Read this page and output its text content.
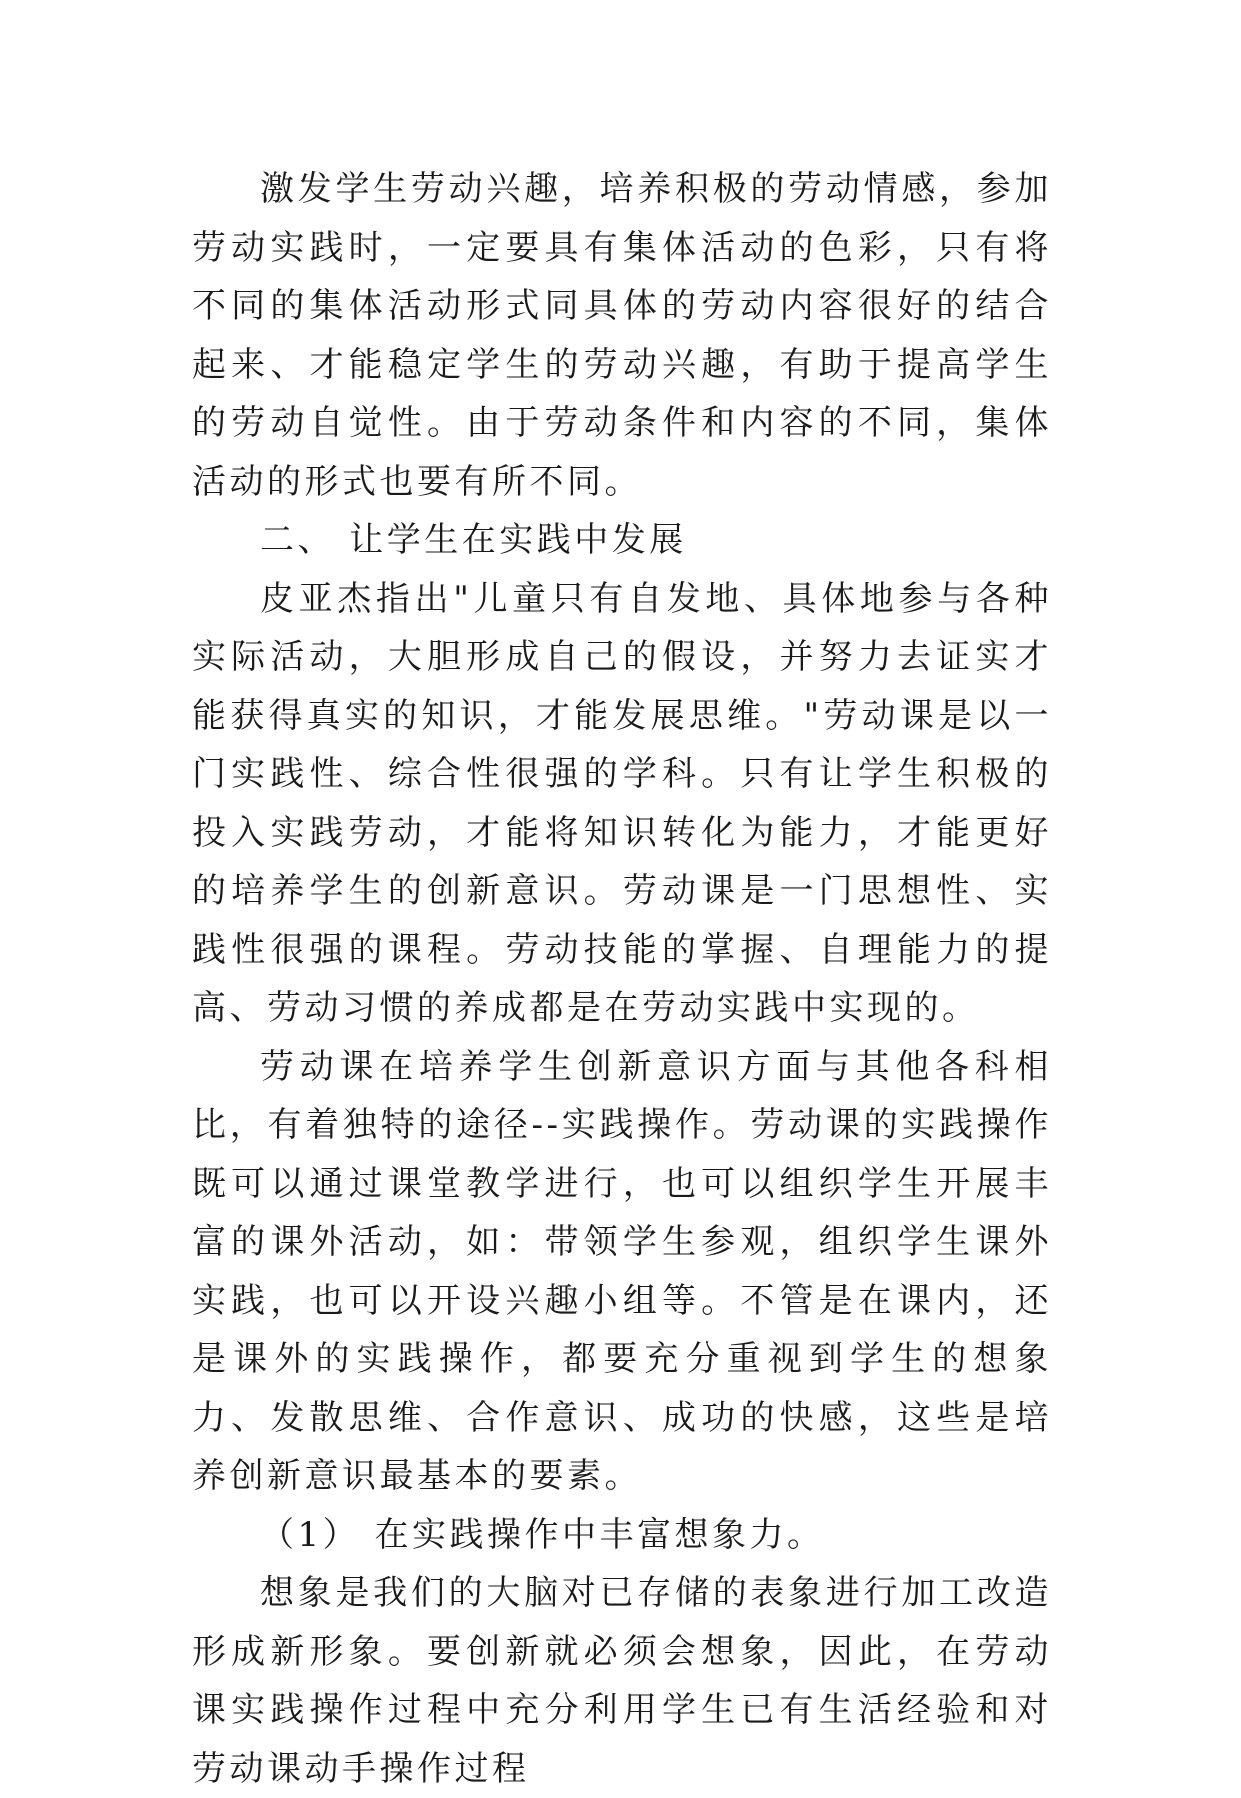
激发学生劳动兴趣，培养积极的劳动情感，参加劳动实践时，一定要具有集体活动的色彩，只有将不同的集体活动形式同具体的劳动内容很好的结合起来、才能稳定学生的劳动兴趣，有助于提高学生的劳动自觉性。由于劳动条件和内容的不同，集体活动的形式也要有所不同。

二、 让学生在实践中发展

皮亚杰指出"儿童只有自发地、具体地参与各种实际活动，大胆形成自己的假设，并努力去证实才能获得真实的知识，才能发展思维。"劳动课是以一门实践性、综合性很强的学科。只有让学生积极的投入实践劳动，才能将知识转化为能力，才能更好的培养学生的创新意识。劳动课是一门思想性、实践性很强的课程。劳动技能的掌握、自理能力的提高、劳动习惯的养成都是在劳动实践中实现的。

劳动课在培养学生创新意识方面与其他各科相比，有着独特的途径--实践操作。劳动课的实践操作既可以通过课堂教学进行，也可以组织学生开展丰富的课外活动，如：带领学生参观，组织学生课外实践，也可以开设兴趣小组等。不管是在课内，还是课外的实践操作，都要充分重视到学生的想象力、发散思维、合作意识、成功的快感，这些是培养创新意识最基本的要素。

（1） 在实践操作中丰富想象力。

想象是我们的大脑对已存储的表象进行加工改造形成新形象。要创新就必须会想象，因此，在劳动课实践操作过程中充分利用学生已有生活经验和对劳动课动手操作过程
